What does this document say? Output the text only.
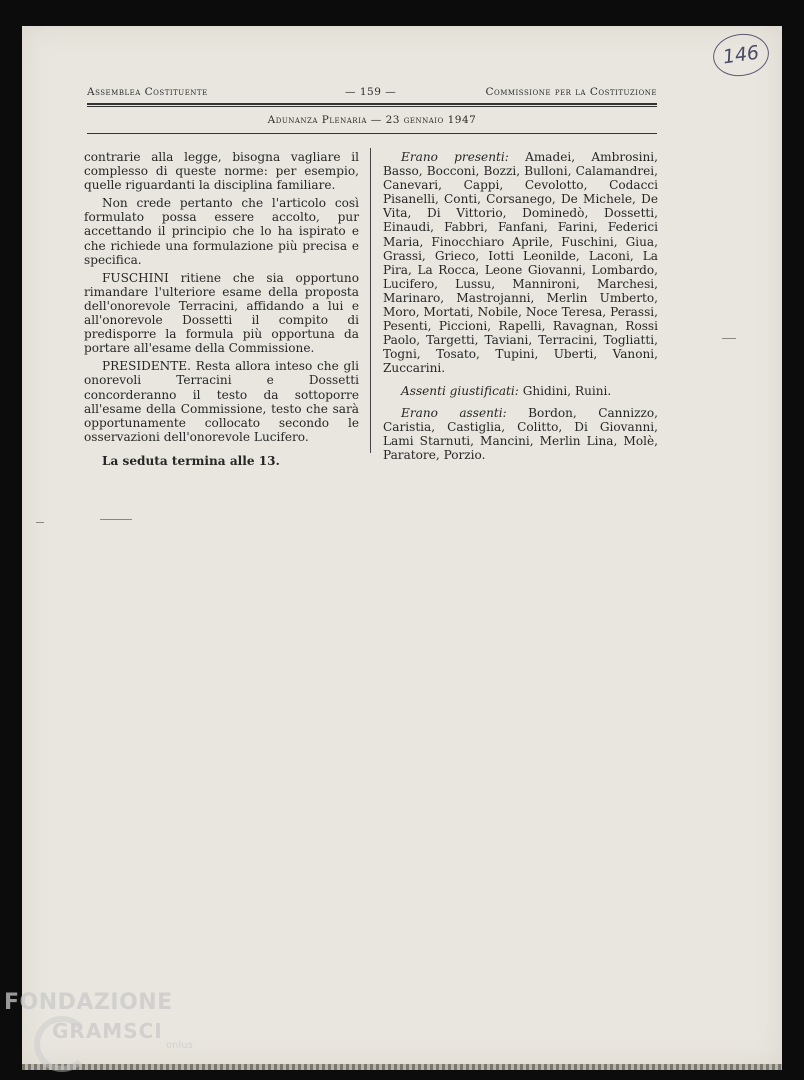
146
Assemblea Costituente	— 159 —	Commissione per la Costituzione
Adunanza Plenaria — 23 gennaio 1947

contrarie alla legge, bisogna vagliare il complesso di queste norme: per esempio, quelle riguardanti la disciplina familiare.

Non crede pertanto che l'articolo così formulato possa essere accolto, pur accettando il principio che lo ha ispirato e che richiede una formulazione più precisa e specifica.

FUSCHINI ritiene che sia opportuno rimandare l'ulteriore esame della proposta dell'onorevole Terracini, affidando a lui e all'onorevole Dossetti il compito di predisporre la formula più opportuna da portare all'esame della Commissione.

PRESIDENTE. Resta allora inteso che gli onorevoli Terracini e Dossetti concorderanno il testo da sottoporre all'esame della Commissione, testo che sarà opportunamente collocato secondo le osservazioni dell'onorevole Lucifero.

La seduta termina alle 13.

Erano presenti: Amadei, Ambrosini, Basso, Bocconi, Bozzi, Bulloni, Calamandrei, Canevari, Cappi, Cevolotto, Codacci Pisanelli, Conti, Corsanego, De Michele, De Vita, Di Vittorio, Dominedò, Dossetti, Einaudi, Fabbri, Fanfani, Farini, Federici Maria, Finocchiaro Aprile, Fuschini, Giua, Grassi, Grieco, Iotti Leonilde, Laconi, La Pira, La Rocca, Leone Giovanni, Lombardo, Lucifero, Lussu, Mannironi, Marchesi, Marinaro, Mastrojanni, Merlin Umberto, Moro, Mortati, Nobile, Noce Teresa, Perassi, Pesenti, Piccioni, Rapelli, Ravagnan, Rossi Paolo, Targetti, Taviani, Terracini, Togliatti, Togni, Tosato, Tupini, Uberti, Vanoni, Zuccarini.

Assenti giustificati: Ghidini, Ruini.

Erano assenti: Bordon, Cannizzo, Caristia, Castiglia, Colitto, Di Giovanni, Lami Starnuti, Mancini, Merlin Lina, Molè, Paratore, Porzio.

FONDAZIONE
GRAMSCI
onlus
